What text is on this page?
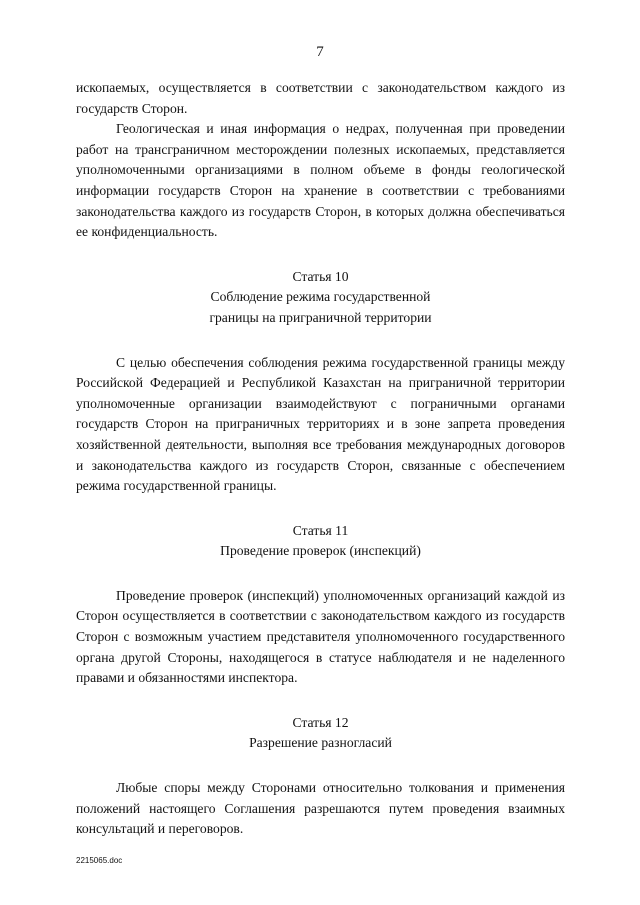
7

ископаемых, осуществляется в соответствии с законодательством каждого из государств Сторон.

Геологическая и иная информация о недрах, полученная при проведении работ на трансграничном месторождении полезных ископаемых, представляется уполномоченными организациями в полном объеме в фонды геологической информации государств Сторон на хранение в соответствии с требованиями законодательства каждого из государств Сторон, в которых должна обеспечиваться ее конфиденциальность.

Статья 10
Соблюдение режима государственной
границы на приграничной территории

С целью обеспечения соблюдения режима государственной границы между Российской Федерацией и Республикой Казахстан на приграничной территории уполномоченные организации взаимодействуют с пограничными органами государств Сторон на приграничных территориях и в зоне запрета проведения хозяйственной деятельности, выполняя все требования международных договоров и законодательства каждого из государств Сторон, связанные с обеспечением режима государственной границы.

Статья 11
Проведение проверок (инспекций)

Проведение проверок (инспекций) уполномоченных организаций каждой из Сторон осуществляется в соответствии с законодательством каждого из государств Сторон с возможным участием представителя уполномоченного государственного органа другой Стороны, находящегося в статусе наблюдателя и не наделенного правами и обязанностями инспектора.

Статья 12
Разрешение разногласий

Любые споры между Сторонами относительно толкования и применения положений настоящего Соглашения разрешаются путем проведения взаимных консультаций и переговоров.

2215065.doc
